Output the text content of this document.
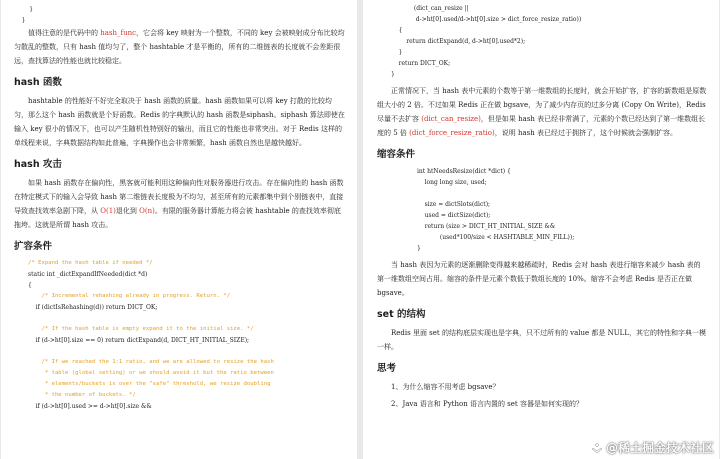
}
}

值得注意的是代码中的 hash_func，它会将 key 映射为一个整数，不同的 key 会被映射成分布比较均匀散乱的整数，只有 hash 值均匀了，整个 hashtable 才是平衡的，所有的二维链表的长度就不会差距很远，查找算法的性能也就比较稳定。

hash 函数

hashtable 的性能好不好完全取决于 hash 函数的质量。hash 函数如果可以将 key 打散的比较均匀，那么这个 hash 函数就是个好函数。Redis 的字典默认的 hash 函数是siphash。siphash 算法即使在输入 key 很小的情况下，也可以产生随机性特别好的输出，而且它的性能也非常突出。对于 Redis 这样的单线程来说，字典数据结构如此普遍，字典操作也会非常频繁，hash 函数自然也是越快越好。

hash 攻击

如果 hash 函数存在偏向性，黑客就可能利用这种偏向性对服务器进行攻击。存在偏向性的 hash 函数在特定模式下的输入会导致 hash 第二维链表长度极为不均匀，甚至所有的元素都集中到个别链表中，直接导致查找效率急剧下降，从 O(1)退化到 O(n)。有限的服务器计算能力将会被 hashtable 的查找效率彻底拖垮。这就是所谓 hash 攻击。

扩容条件
/* Expand the hash table if needed */
static int _dictExpandIfNeeded(dict *d)
{
/* Incremental rehashing already in progress. Return. */
if (dictIsRehashing(d)) return DICT_OK;

/* If the hash table is empty expand it to the initial size. */
if (d->ht[0].size == 0) return dictExpand(d, DICT_HT_INITIAL_SIZE);

/* If we reached the 1:1 ratio, and we are allowed to resize the hash
* table (global setting) or we should avoid it but the ratio between
* elements/buckets is over the "safe" threshold, we resize doubling
* the number of buckets. */
if (d->ht[0].used >= d->ht[0].size &&
(dict_can_resize ||
d->ht[0].used/d->ht[0].size > dict_force_resize_ratio))
{
return dictExpand(d, d->ht[0].used*2);
}
return DICT_OK;
}

正常情况下，当 hash 表中元素的个数等于第一维数组的长度时，就会开始扩容，扩容的新数组是原数组大小的 2 倍。不过如果 Redis 正在做 bgsave，为了减少内存页的过多分离 (Copy On Write)，Redis 尽量不去扩容 (dict_can_resize)，但是如果 hash 表已经非常满了，元素的个数已经达到了第一维数组长度的 5 倍 (dict_force_resize_ratio)，说明 hash 表已经过于拥挤了，这个时候就会强制扩容。

缩容条件
int htNeedsResize(dict *dict) {
long long size, used;

size = dictSlots(dict);
used = dictSize(dict);
return (size > DICT_HT_INITIAL_SIZE &&
(used*100/size < HASHTABLE_MIN_FILL));
}

当 hash 表因为元素的逐渐删除变得越来越稀疏时，Redis 会对 hash 表进行缩容来减少 hash 表的第一维数组空间占用。缩容的条件是元素个数低于数组长度的 10%。缩容不会考虑 Redis 是否正在做 bgsave。

set 的结构

Redis 里面 set 的结构底层实现也是字典，只不过所有的 value 都是 NULL，其它的特性和字典一模一样。

思考
1、为什么缩容不用考虑 bgsave？
2、Java 语言和 Python 语言内置的 set 容器是如何实现的？
@稀土掘金技术社区
